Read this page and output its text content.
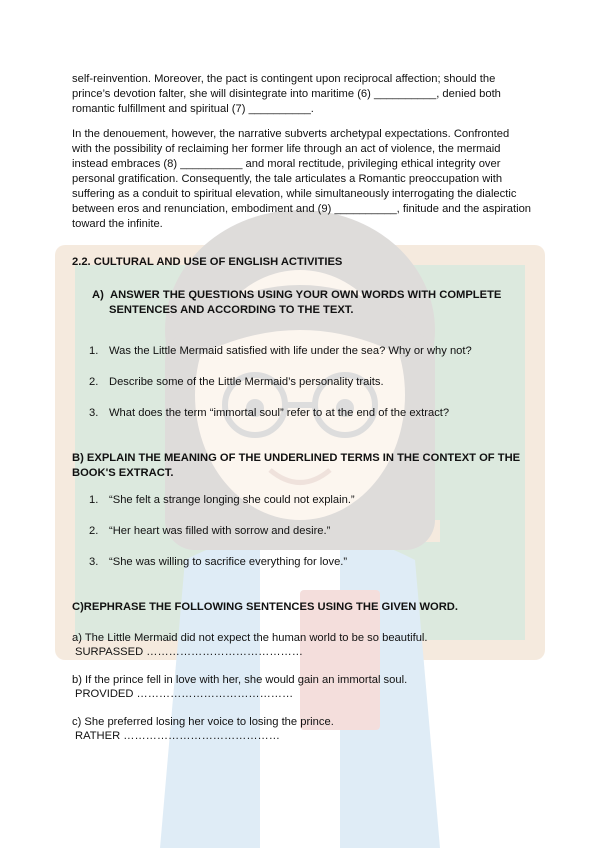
self-reinvention. Moreover, the pact is contingent upon reciprocal affection; should the prince’s devotion falter, she will disintegrate into maritime (6) __________, denied both romantic fulfillment and spiritual (7) __________.

In the denouement, however, the narrative subverts archetypal expectations. Confronted with the possibility of reclaiming her former life through an act of violence, the mermaid instead embraces (8) __________ and moral rectitude, privileging ethical integrity over personal gratification. Consequently, the tale articulates a Romantic preoccupation with suffering as a conduit to spiritual elevation, while simultaneously interrogating the dialectic between eros and renunciation, embodiment and (9) __________, finitude and the aspiration toward the infinite.

2.2. CULTURAL AND USE OF ENGLISH ACTIVITIES
A) ANSWER THE QUESTIONS USING YOUR OWN WORDS WITH COMPLETE SENTENCES AND ACCORDING TO THE TEXT.
1. Was the Little Mermaid satisfied with life under the sea? Why or why not?
2. Describe some of the Little Mermaid’s personality traits.
3. What does the term “immortal soul” refer to at the end of the extract?
B) EXPLAIN THE MEANING OF THE UNDERLINED TERMS IN THE CONTEXT OF THE BOOK'S EXTRACT.
1. “She felt a strange longing she could not explain.”
2. “Her heart was filled with sorrow and desire.”
3. “She was willing to sacrifice everything for love.”
C)REPHRASE THE FOLLOWING SENTENCES USING THE GIVEN WORD.
a) The Little Mermaid did not expect the human world to be so beautiful.
SURPASSED ……………………………………
b) If the prince fell in love with her, she would gain an immortal soul.
PROVIDED ……………………………………
c) She preferred losing her voice to losing the prince.
RATHER ……………………………………
